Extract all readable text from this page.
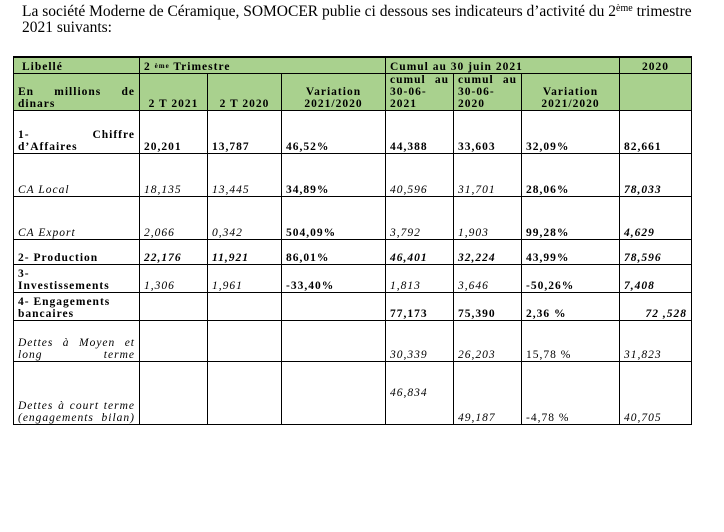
La société Moderne de Céramique, SOMOCER publie ci dessous ses indicateurs d’activité du 2ème trimestre
2021 suivants:
Libellé	2 $^{ème}$ Trimestre			Cumul au 30 juin 2021			2020
En millions de dinars	2 T 2021	2 T 2020	Variation 2021/2020	cumul au 30-06-2021	cumul au 30-06-2020	Variation 2021/2020	
1- Chiffre d’Affaires	20,201	13,787	46,52%	44,388	33,603	32,09%	82,661
CA Local	18,135	13,445	34,89%	40,596	31,701	28,06%	78,033
CA Export	2,066	0,342	504,09%	3,792	1,903	99,28%	4,629
2- Production	22,176	11,921	86,01%	46,401	32,224	43,99%	78,596
3-
Investissements	1,306	1,961	-33,40%	1,813	3,646	-50,26%	7,408
4- Engagements bancaires				77,173	75,390	2,36 %	72 ,528
Dettes à Moyen et long terme				30,339	26,203	15,78 %	31,823
Dettes à court terme (engagements bilan)				46,834	49,187	-4,78 %	40,705
